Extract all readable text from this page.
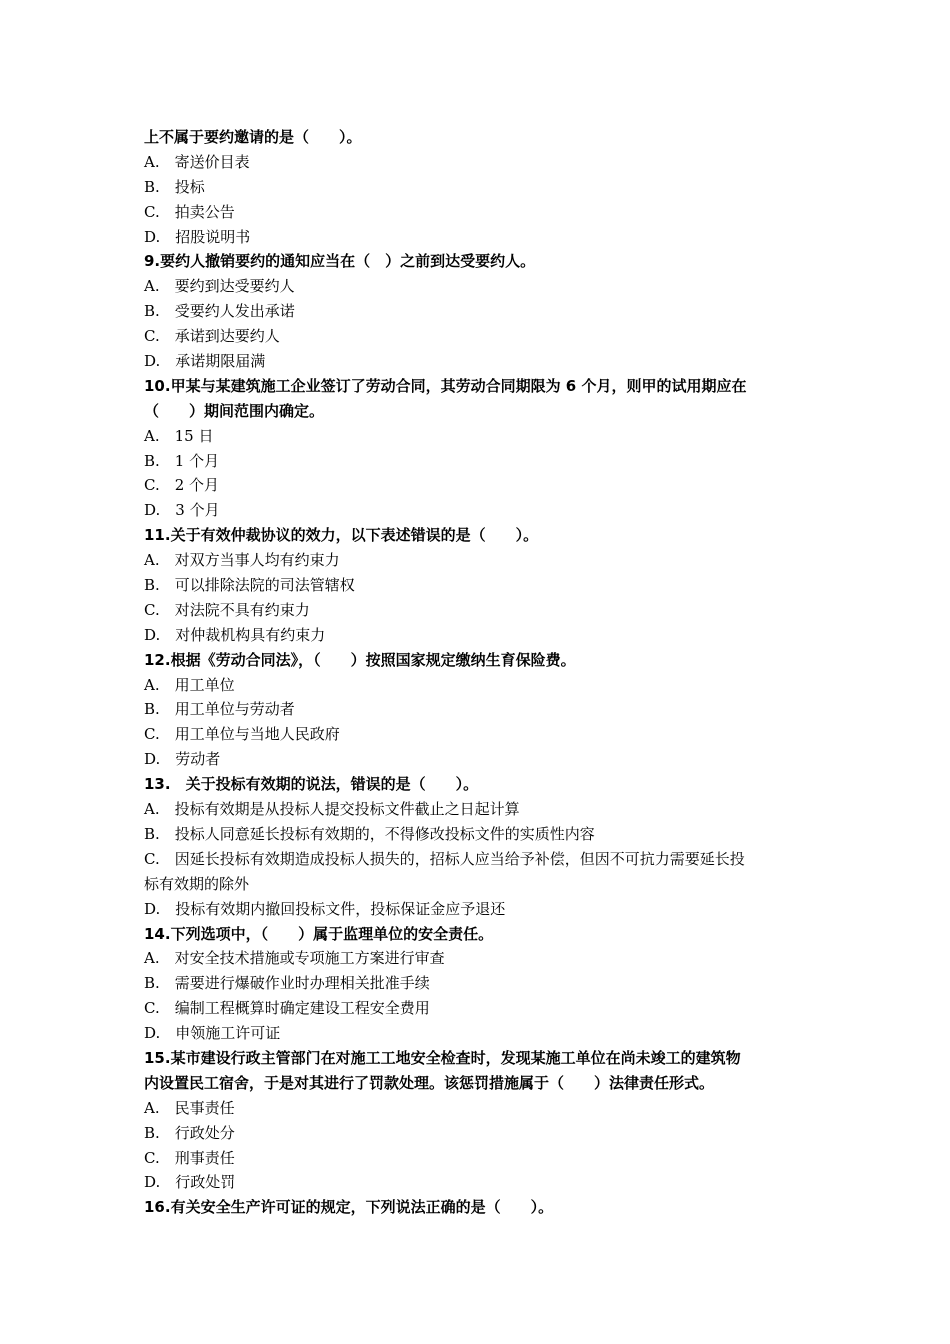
上不属于要约邀请的是（　　）。
A.　寄送价目表
B.　投标
C.　拍卖公告
D.　招股说明书
9.要约人撤销要约的通知应当在（　）之前到达受要约人。
A.　要约到达受要约人
B.　受要约人发出承诺
C.　承诺到达要约人
D.　承诺期限届满
10.甲某与某建筑施工企业签订了劳动合同，其劳动合同期限为 6 个月，则甲的试用期应在
（　　）期间范围内确定。
A.　15 日
B.　1 个月
C.　2 个月
D.　3 个月
11.关于有效仲裁协议的效力，以下表述错误的是（　　）。
A.　对双方当事人均有约束力
B.　可以排除法院的司法管辖权
C.　对法院不具有约束力
D.　对仲裁机构具有约束力
12.根据《劳动合同法》，（　　）按照国家规定缴纳生育保险费。
A.　用工单位
B.　用工单位与劳动者
C.　用工单位与当地人民政府
D.　劳动者
13.　关于投标有效期的说法，错误的是（　　）。
A.　投标有效期是从投标人提交投标文件截止之日起计算
B.　投标人同意延长投标有效期的，不得修改投标文件的实质性内容
C.　因延长投标有效期造成投标人损失的，招标人应当给予补偿，但因不可抗力需要延长投
标有效期的除外
D.　投标有效期内撤回投标文件，投标保证金应予退还
14.下列选项中，（　　）属于监理单位的安全责任。
A.　对安全技术措施或专项施工方案进行审查
B.　需要进行爆破作业时办理相关批准手续
C.　编制工程概算时确定建设工程安全费用
D.　申领施工许可证
15.某市建设行政主管部门在对施工工地安全检查时，发现某施工单位在尚未竣工的建筑物
内设置民工宿舍，于是对其进行了罚款处理。该惩罚措施属于（　　）法律责任形式。
A.　民事责任
B.　行政处分
C.　刑事责任
D.　行政处罚
16.有关安全生产许可证的规定，下列说法正确的是（　　）。
